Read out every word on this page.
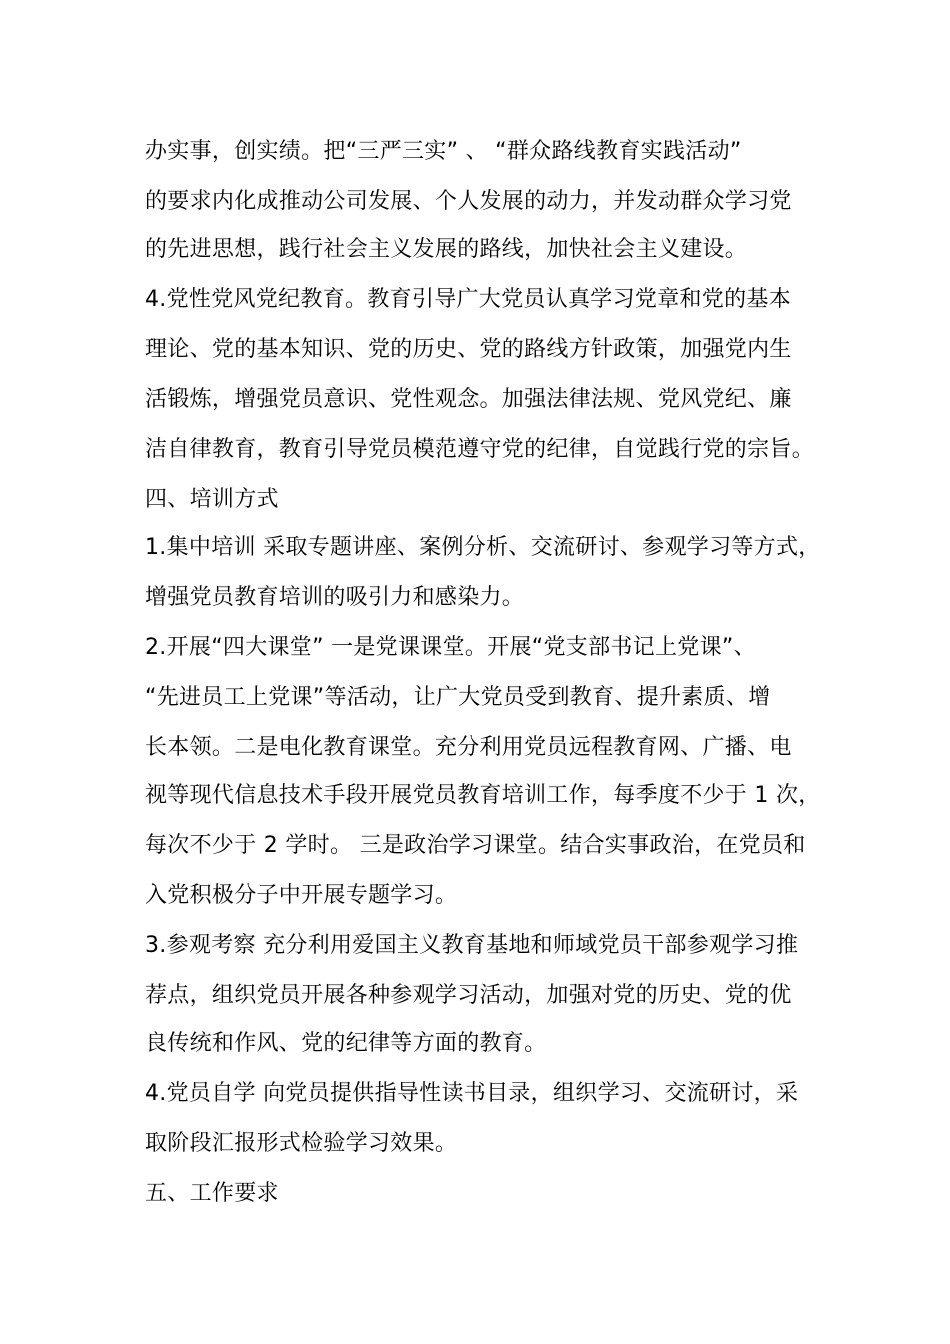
办实事，创实绩。把“三严三实” 、 “群众路线教育实践活动”
的要求内化成推动公司发展、个人发展的动力，并发动群众学习党
的先进思想，践行社会主义发展的路线，加快社会主义建设。
4.党性党风党纪教育。教育引导广大党员认真学习党章和党的基本
理论、党的基本知识、党的历史、党的路线方针政策，加强党内生
活锻炼，增强党员意识、党性观念。加强法律法规、党风党纪、廉
洁自律教育，教育引导党员模范遵守党的纪律，自觉践行党的宗旨。
四、培训方式
1.集中培训 采取专题讲座、案例分析、交流研讨、参观学习等方式，
增强党员教育培训的吸引力和感染力。
2.开展“四大课堂” 一是党课课堂。开展“党支部书记上党课”、
“先进员工上党课”等活动，让广大党员受到教育、提升素质、增
长本领。二是电化教育课堂。充分利用党员远程教育网、广播、电
视等现代信息技术手段开展党员教育培训工作，每季度不少于 1 次，
每次不少于 2 学时。 三是政治学习课堂。结合实事政治，在党员和
入党积极分子中开展专题学习。
3.参观考察 充分利用爱国主义教育基地和师域党员干部参观学习推
荐点，组织党员开展各种参观学习活动，加强对党的历史、党的优
良传统和作风、党的纪律等方面的教育。
4.党员自学 向党员提供指导性读书目录，组织学习、交流研讨，采
取阶段汇报形式检验学习效果。
五、工作要求
